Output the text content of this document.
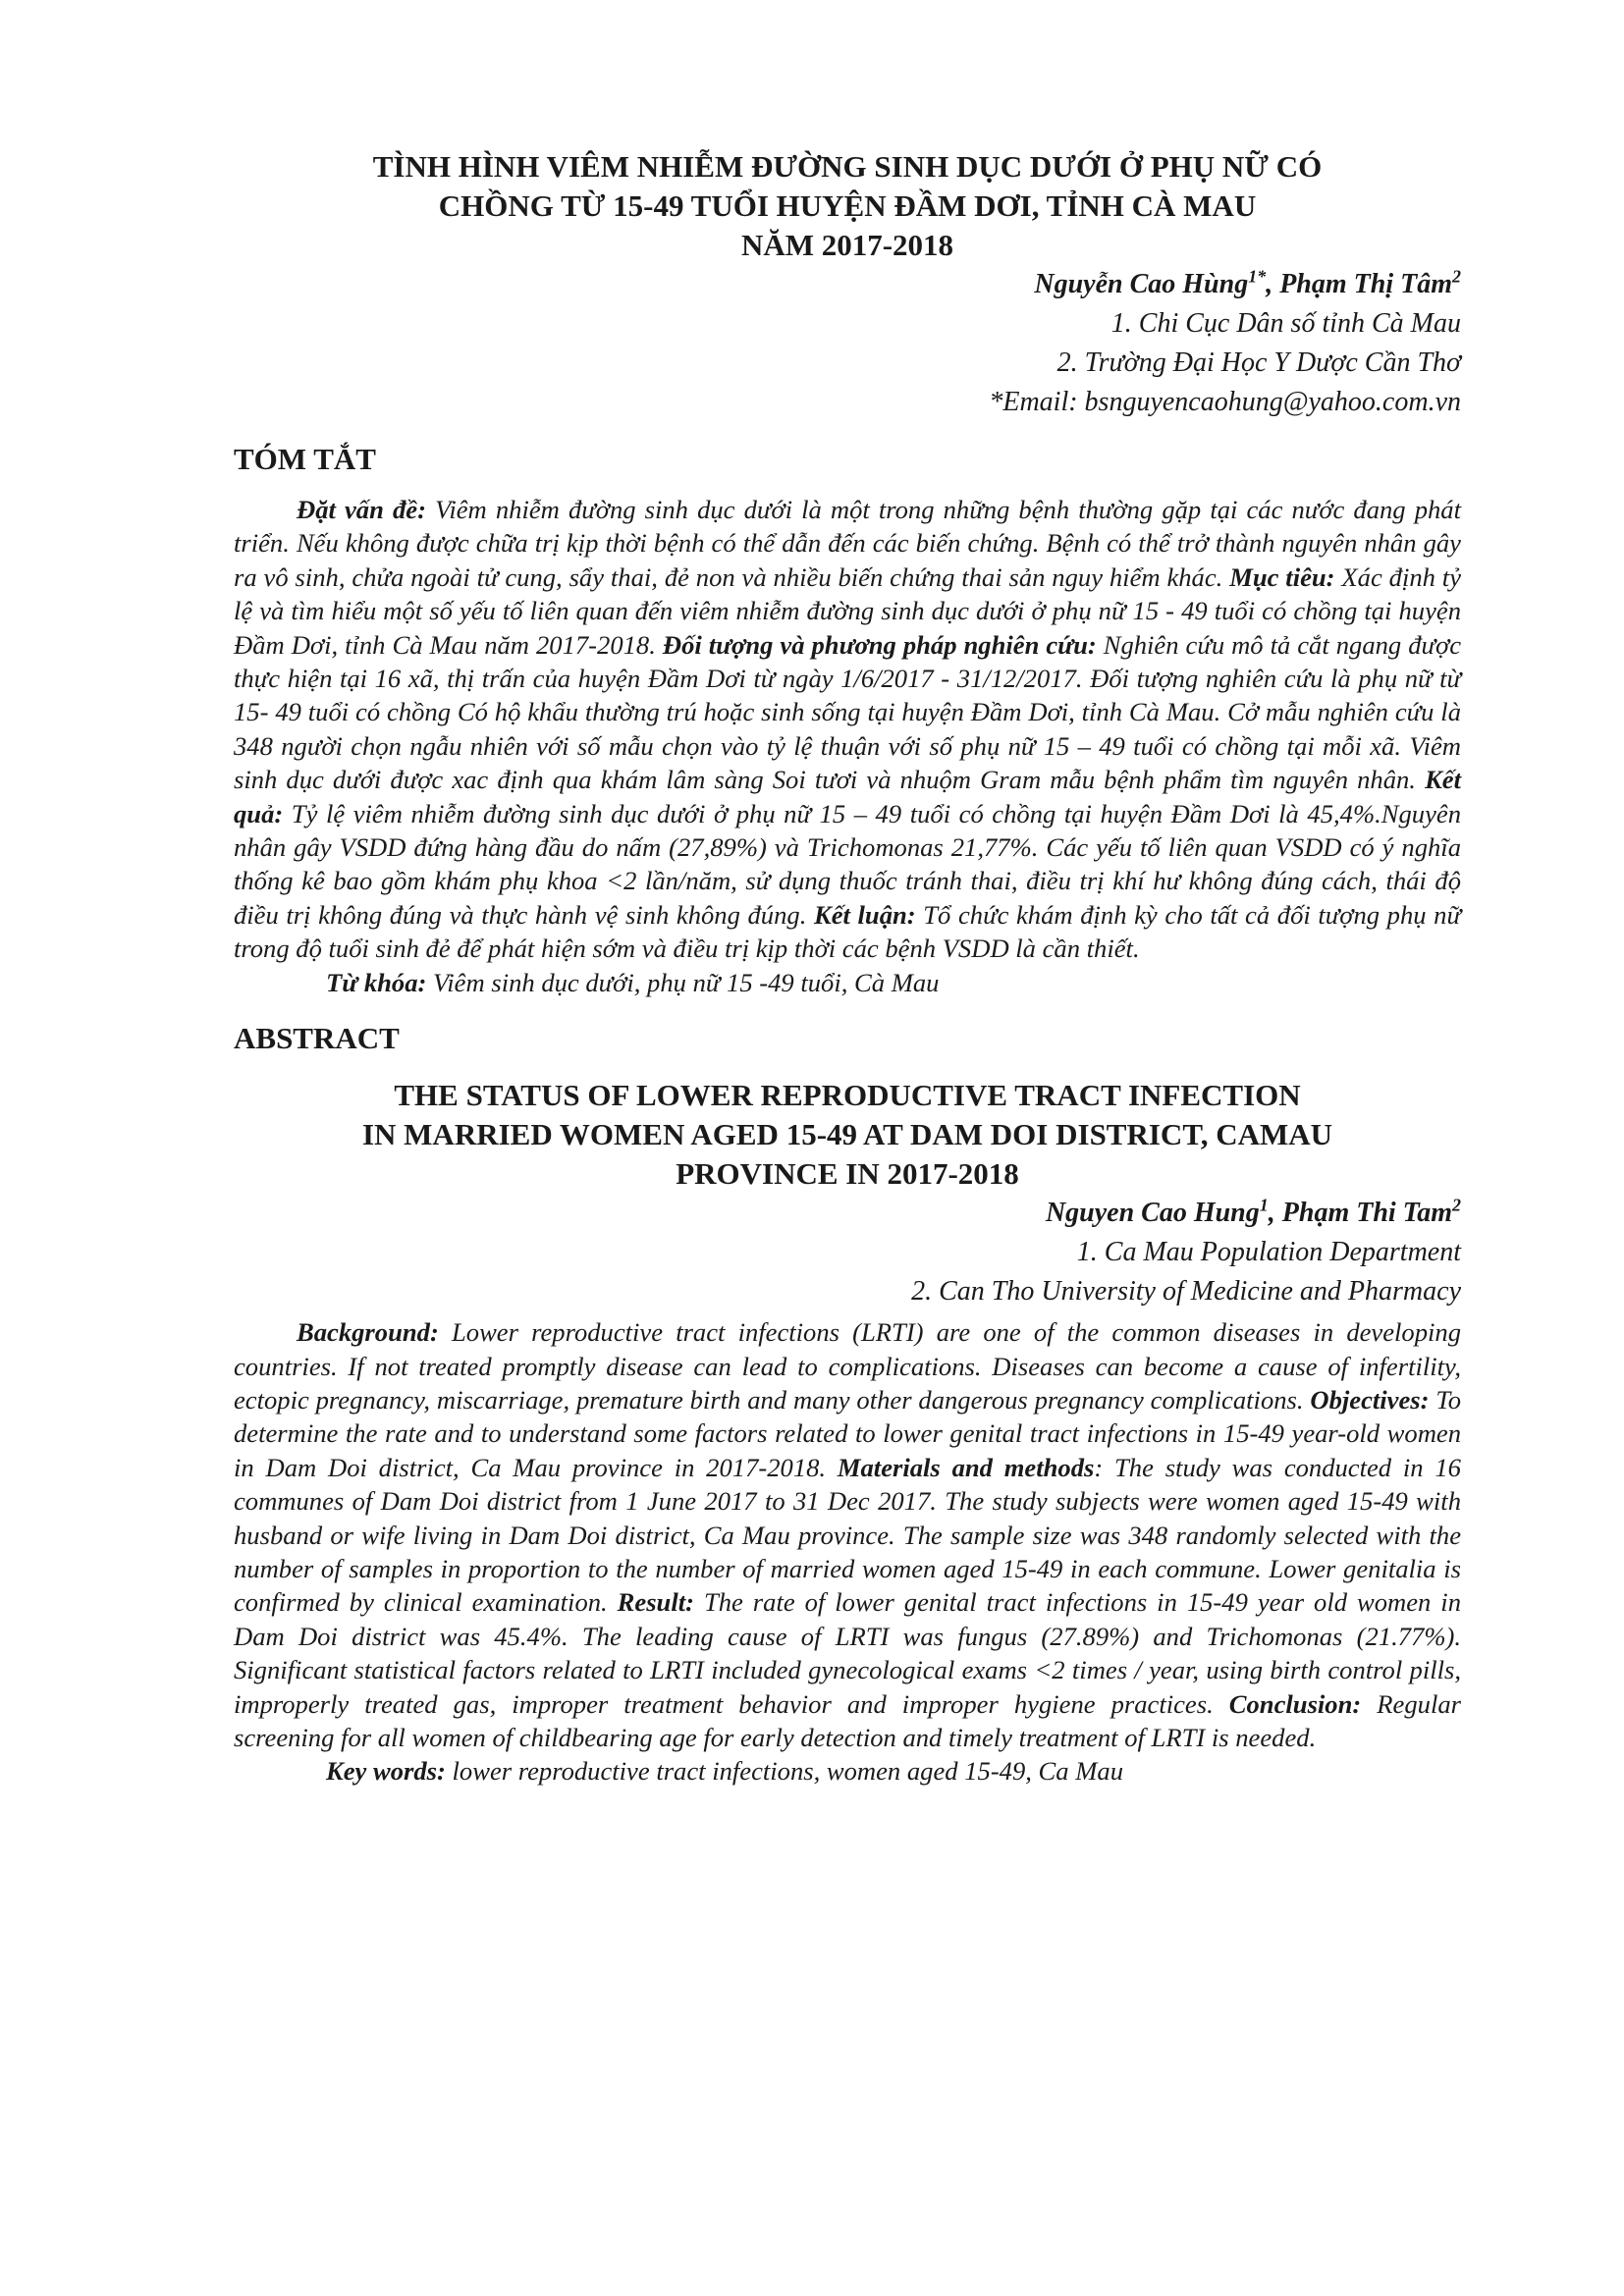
TÌNH HÌNH VIÊM NHIỄM ĐƯỜNG SINH DỤC DƯỚI Ở PHỤ NỮ CÓ
CHỒNG TỪ 15-49 TUỔI HUYỆN ĐẦM DƠI, TỈNH CÀ MAU
NĂM 2017-2018
Nguyễn Cao Hùng$^{1*}$, Phạm Thị Tâm$^2$
1. Chi Cục Dân số tỉnh Cà Mau
2. Trường Đại Học Y Dược Cần Thơ
*Email: bsnguyencaohung@yahoo.com.vn
TÓM TẮT

Đặt vấn đề: Viêm nhiễm đường sinh dục dưới là một trong những bệnh thường gặp tại các nước đang phát triển. Nếu không được chữa trị kịp thời bệnh có thể dẫn đến các biến chứng. Bệnh có thể trở thành nguyên nhân gây ra vô sinh, chửa ngoài tử cung, sẩy thai, đẻ non và nhiều biến chứng thai sản nguy hiểm khác. Mục tiêu: Xác định tỷ lệ và tìm hiểu một số yếu tố liên quan đến viêm nhiễm đường sinh dục dưới ở phụ nữ 15 - 49 tuổi có chồng tại huyện Đầm Dơi, tỉnh Cà Mau năm 2017-2018. Đối tượng và phương pháp nghiên cứu: Nghiên cứu mô tả cắt ngang được thực hiện tại 16 xã, thị trấn của huyện Đầm Dơi từ ngày 1/6/2017 - 31/12/2017. Đối tượng nghiên cứu là phụ nữ từ 15- 49 tuổi có chồng Có hộ khẩu thường trú hoặc sinh sống tại huyện Đầm Dơi, tỉnh Cà Mau. Cở mẫu nghiên cứu là 348 người chọn ngẫu nhiên với số mẫu chọn vào tỷ lệ thuận với số phụ nữ 15 – 49 tuổi có chồng tại mỗi xã. Viêm sinh dục dưới được xac định qua khám lâm sàng Soi tươi và nhuộm Gram mẫu bệnh phẩm tìm nguyên nhân. Kết quả: Tỷ lệ viêm nhiễm đường sinh dục dưới ở phụ nữ 15 – 49 tuổi có chồng tại huyện Đầm Dơi là 45,4%.Nguyên nhân gây VSDD đứng hàng đầu do nấm (27,89%) và Trichomonas 21,77%. Các yếu tố liên quan VSDD có ý nghĩa thống kê bao gồm khám phụ khoa <2 lần/năm, sử dụng thuốc tránh thai, điều trị khí hư không đúng cách, thái độ điều trị không đúng và thực hành vệ sinh không đúng. Kết luận: Tổ chức khám định kỳ cho tất cả đối tượng phụ nữ trong độ tuổi sinh đẻ để phát hiện sớm và điều trị kịp thời các bệnh VSDD là cần thiết.

Từ khóa: Viêm sinh dục dưới, phụ nữ 15 -49 tuổi, Cà Mau

ABSTRACT
THE STATUS OF LOWER REPRODUCTIVE TRACT INFECTION
IN MARRIED WOMEN AGED 15-49 AT DAM DOI DISTRICT, CAMAU
PROVINCE IN 2017-2018
Nguyen Cao Hung$^1$, Phạm Thi Tam$^2$
1. Ca Mau Population Department
2. Can Tho University of Medicine and Pharmacy

Background: Lower reproductive tract infections (LRTI) are one of the common diseases in developing countries. If not treated promptly disease can lead to complications. Diseases can become a cause of infertility, ectopic pregnancy, miscarriage, premature birth and many other dangerous pregnancy complications. Objectives: To determine the rate and to understand some factors related to lower genital tract infections in 15-49 year-old women in Dam Doi district, Ca Mau province in 2017-2018. Materials and methods: The study was conducted in 16 communes of Dam Doi district from 1 June 2017 to 31 Dec 2017. The study subjects were women aged 15-49 with husband or wife living in Dam Doi district, Ca Mau province. The sample size was 348 randomly selected with the number of samples in proportion to the number of married women aged 15-49 in each commune. Lower genitalia is confirmed by clinical examination. Result: The rate of lower genital tract infections in 15-49 year old women in Dam Doi district was 45.4%. The leading cause of LRTI was fungus (27.89%) and Trichomonas (21.77%). Significant statistical factors related to LRTI included gynecological exams <2 times / year, using birth control pills, improperly treated gas, improper treatment behavior and improper hygiene practices. Conclusion: Regular screening for all women of childbearing age for early detection and timely treatment of LRTI is needed.

Key words: lower reproductive tract infections, women aged 15-49, Ca Mau
